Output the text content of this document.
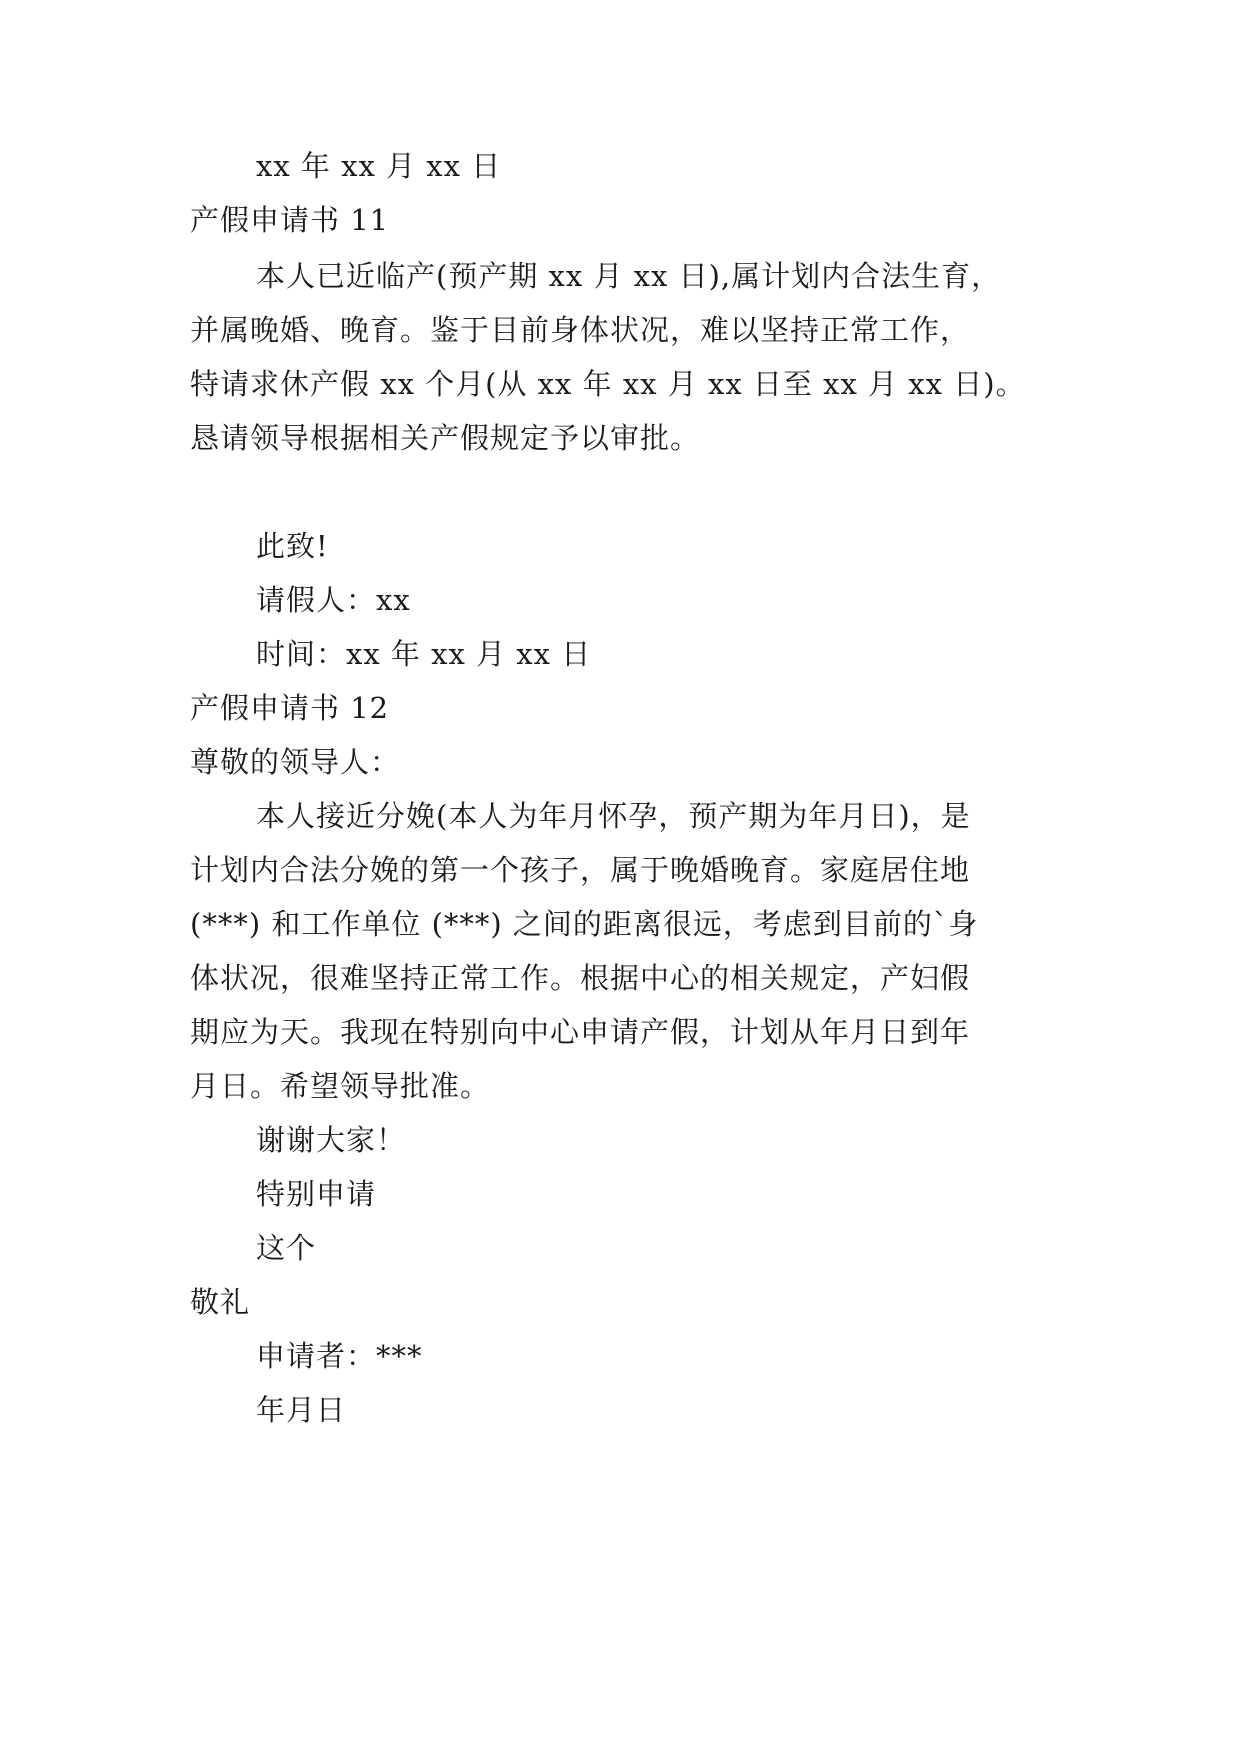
xx 年 xx 月 xx 日
产假申请书 11
本人已近临产(预产期 xx 月 xx 日),属计划内合法生育，
并属晚婚、晚育。鉴于目前身体状况，难以坚持正常工作，
特请求休产假 xx 个月(从 xx 年 xx 月 xx 日至 xx 月 xx 日)。
恳请领导根据相关产假规定予以审批。
此致!
请假人：xx
时间：xx 年 xx 月 xx 日
产假申请书 12
尊敬的领导人：
本人接近分娩(本人为年月怀孕，预产期为年月日)，是
计划内合法分娩的第一个孩子，属于晚婚晚育。家庭居住地
(***) 和工作单位 (***) 之间的距离很远，考虑到目前的`身
体状况，很难坚持正常工作。根据中心的相关规定，产妇假
期应为天。我现在特别向中心申请产假，计划从年月日到年
月日。希望领导批准。
谢谢大家！
特别申请
这个
敬礼
申请者：***
年月日
